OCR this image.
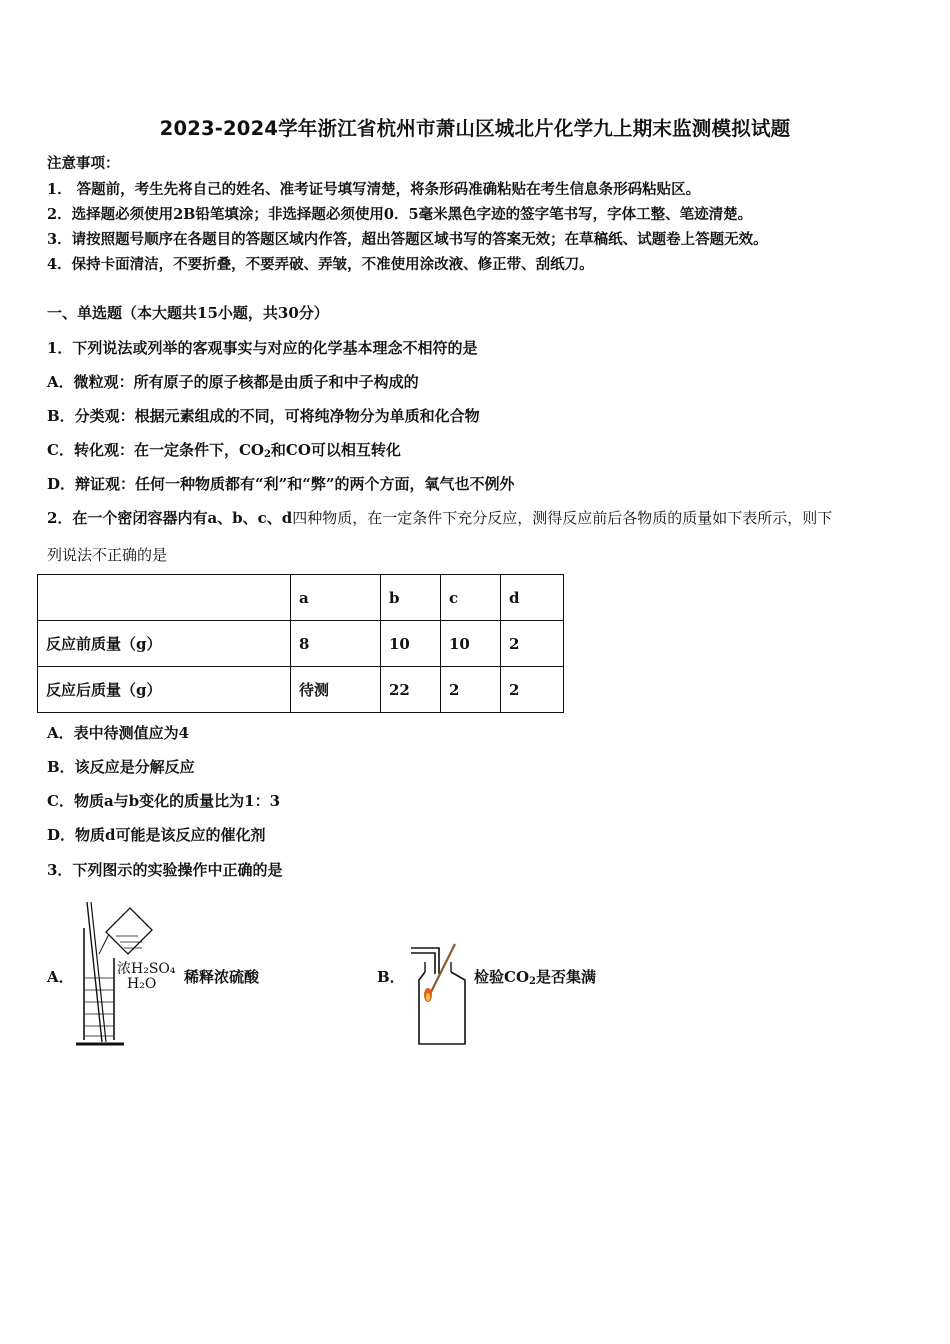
2023-2024学年浙江省杭州市萧山区城北片化学九上期末监测模拟试题
注意事项：
1． 答题前，考生先将自己的姓名、准考证号填写清楚，将条形码准确粘贴在考生信息条形码粘贴区。
2．选择题必须使用2B铅笔填涂；非选择题必须使用0．5毫米黑色字迹的签字笔书写，字体工整、笔迹清楚。
3．请按照题号顺序在各题目的答题区域内作答，超出答题区域书写的答案无效；在草稿纸、试题卷上答题无效。
4．保持卡面清洁，不要折叠，不要弄破、弄皱，不准使用涂改液、修正带、刮纸刀。
一、单选题（本大题共15小题，共30分）
1．下列说法或列举的客观事实与对应的化学基本理念不相符的是
A．微粒观：所有原子的原子核都是由质子和中子构成的
B．分类观：根据元素组成的不同，可将纯净物分为单质和化合物
C．转化观：在一定条件下，$CO_2$和CO可以相互转化
D．辩证观：任何一种物质都有“利”和“弊”的两个方面，氧气也不例外
2．在一个密闭容器内有a、b、c、d四种物质，在一定条件下充分反应，测得反应前后各物质的质量如下表所示，则下
列说法不正确的是
	a	b	c	d
反应前质量（g）	8	10	10	2
反应后质量（g）	待测	22	2	2
A．表中待测值应为4
B．该反应是分解反应
C．物质a与b变化的质量比为1：3
D．物质d可能是该反应的催化剂
3．下列图示的实验操作中正确的是
A．	浓H₂SO₄
H₂O 稀释浓硫酸	B．	检验$CO_2$是否集满
